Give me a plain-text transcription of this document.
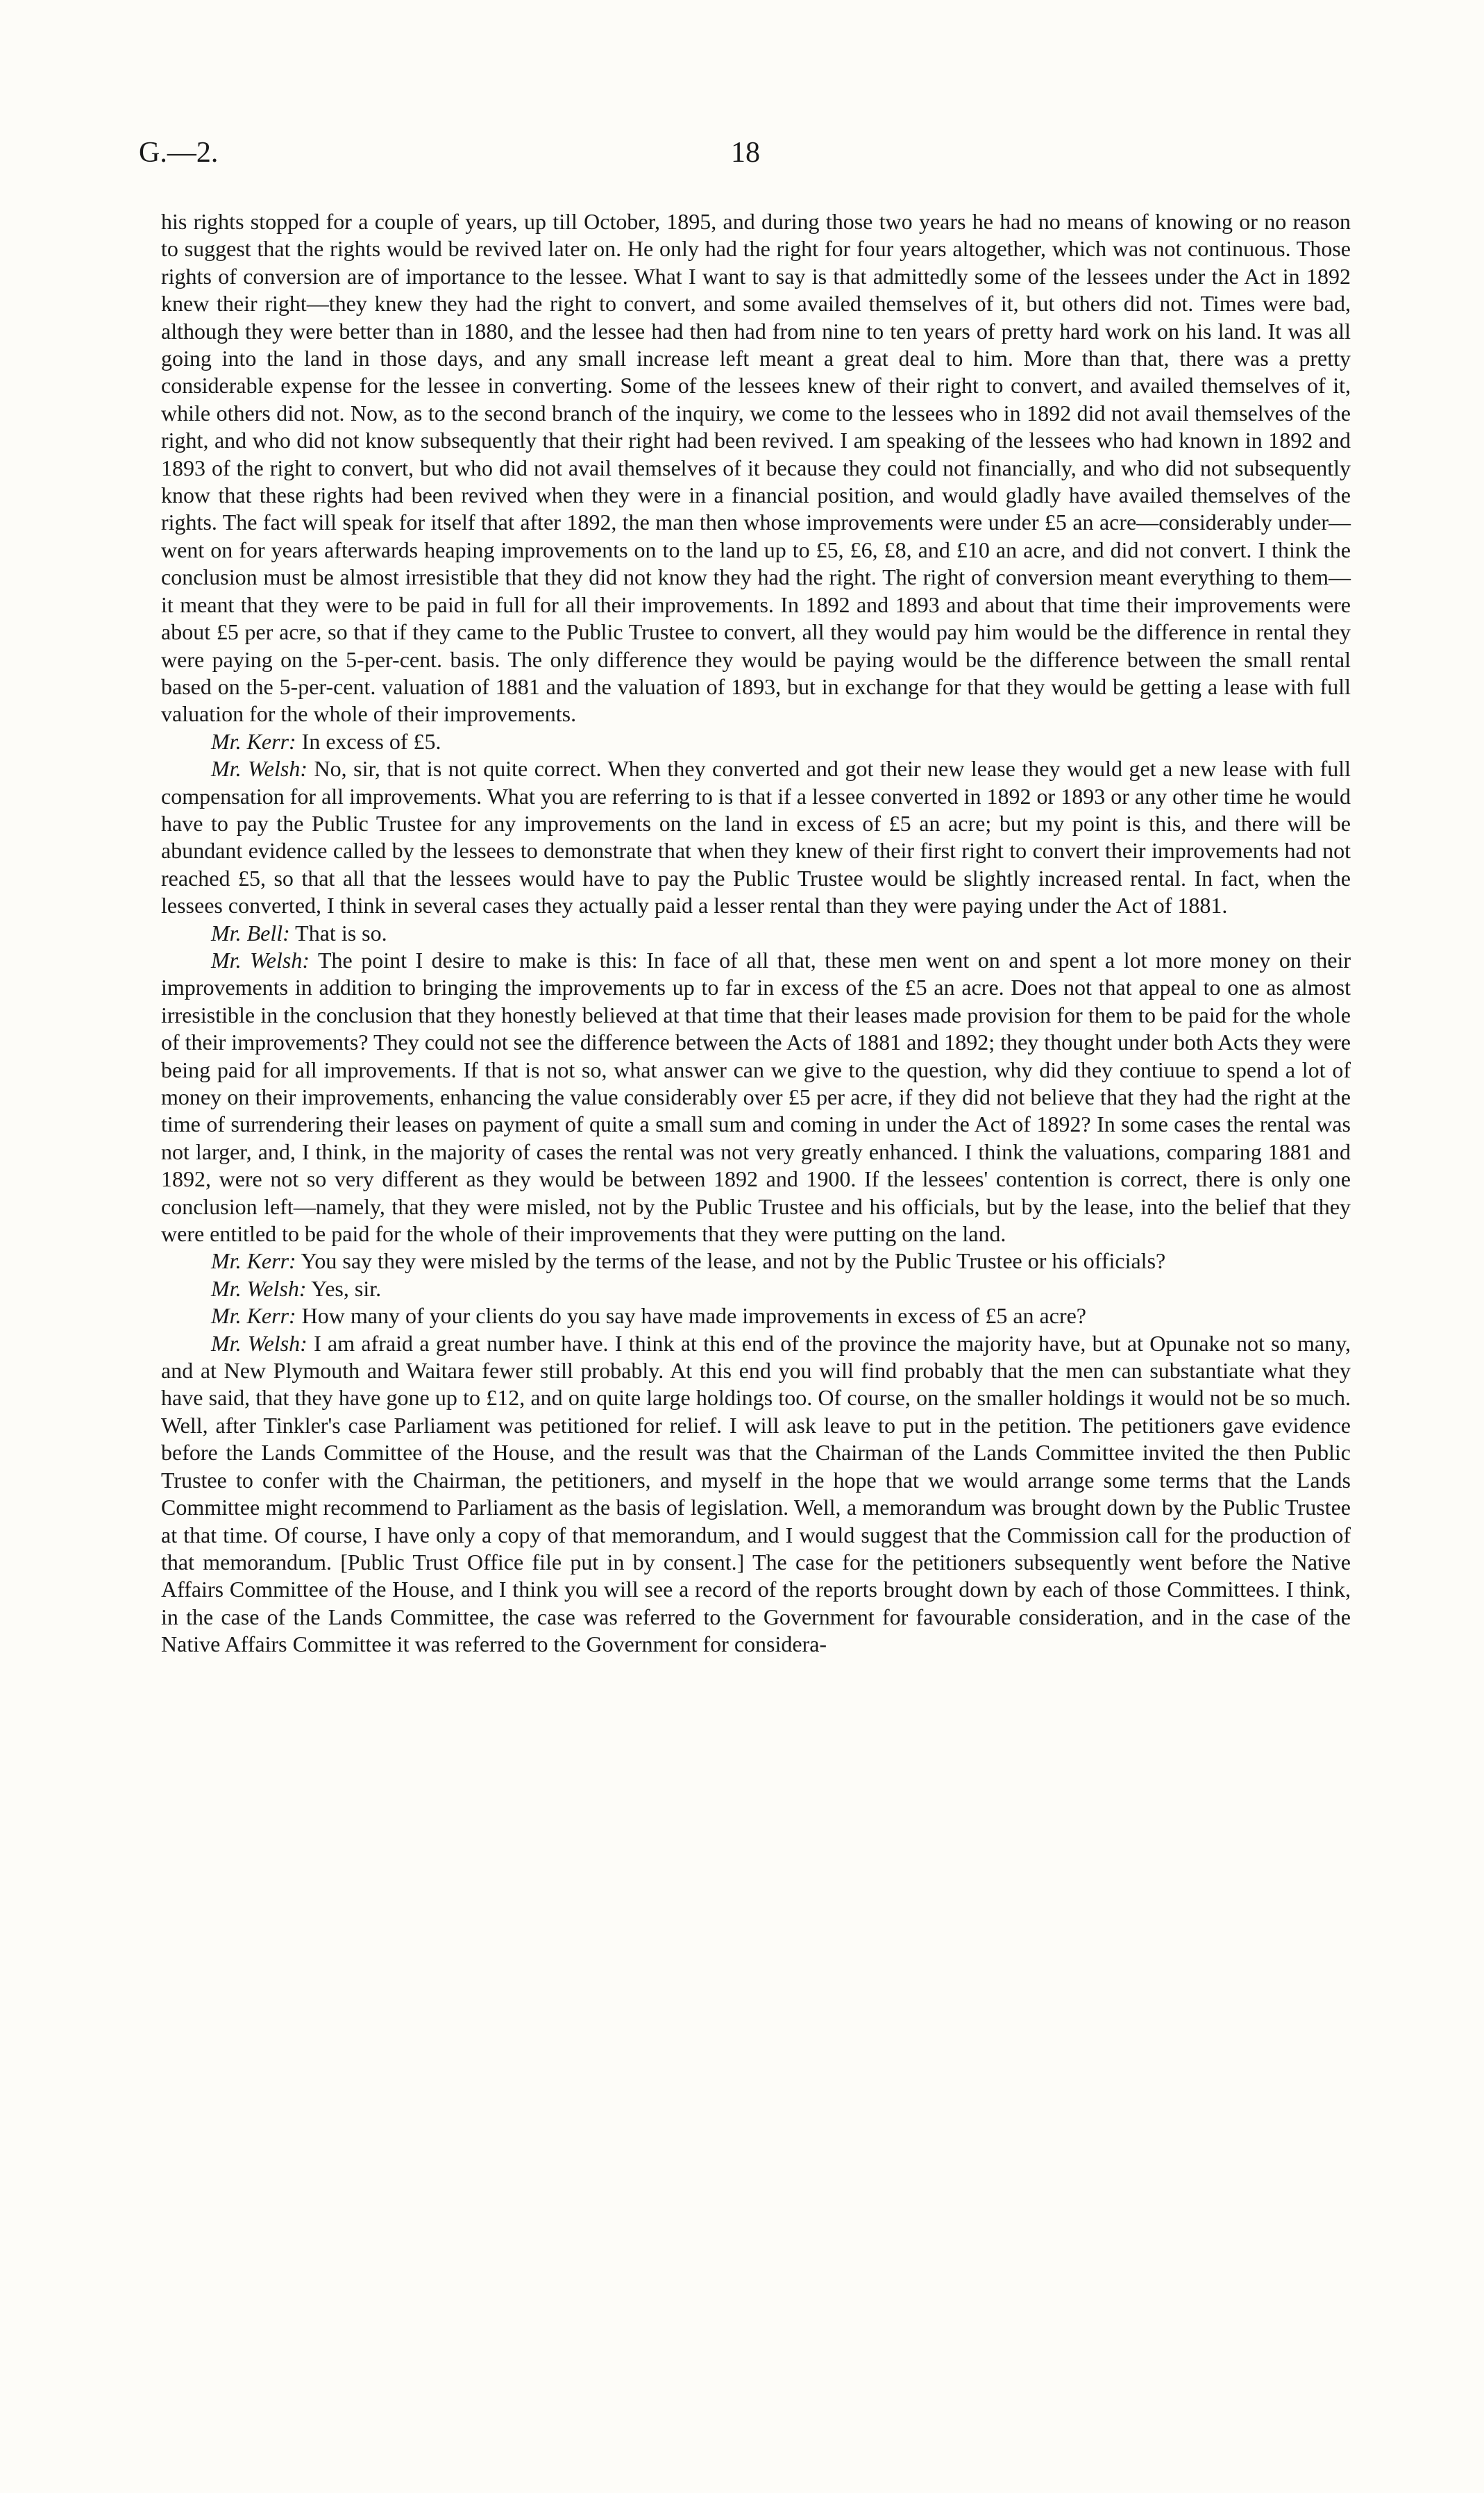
G.—2.	18

his rights stopped for a couple of years, up till October, 1895, and during those two years he had no means of knowing or no reason to suggest that the rights would be revived later on. He only had the right for four years altogether, which was not continuous. Those rights of conversion are of importance to the lessee. What I want to say is that admittedly some of the lessees under the Act in 1892 knew their right—they knew they had the right to convert, and some availed themselves of it, but others did not. Times were bad, although they were better than in 1880, and the lessee had then had from nine to ten years of pretty hard work on his land. It was all going into the land in those days, and any small increase left meant a great deal to him. More than that, there was a pretty considerable expense for the lessee in converting. Some of the lessees knew of their right to convert, and availed themselves of it, while others did not. Now, as to the second branch of the inquiry, we come to the lessees who in 1892 did not avail themselves of the right, and who did not know subsequently that their right had been revived. I am speaking of the lessees who had known in 1892 and 1893 of the right to convert, but who did not avail themselves of it because they could not financially, and who did not subsequently know that these rights had been revived when they were in a financial position, and would gladly have availed themselves of the rights. The fact will speak for itself that after 1892, the man then whose improvements were under £5 an acre—considerably under—went on for years afterwards heaping improvements on to the land up to £5, £6, £8, and £10 an acre, and did not convert. I think the conclusion must be almost irresistible that they did not know they had the right. The right of conversion meant everything to them—it meant that they were to be paid in full for all their improvements. In 1892 and 1893 and about that time their improvements were about £5 per acre, so that if they came to the Public Trustee to convert, all they would pay him would be the difference in rental they were paying on the 5-per-cent. basis. The only difference they would be paying would be the difference between the small rental based on the 5-per-cent. valuation of 1881 and the valuation of 1893, but in exchange for that they would be getting a lease with full valuation for the whole of their improvements.

Mr. Kerr: In excess of £5.

Mr. Welsh: No, sir, that is not quite correct. When they converted and got their new lease they would get a new lease with full compensation for all improvements. What you are referring to is that if a lessee converted in 1892 or 1893 or any other time he would have to pay the Public Trustee for any improvements on the land in excess of £5 an acre; but my point is this, and there will be abundant evidence called by the lessees to demonstrate that when they knew of their first right to convert their improvements had not reached £5, so that all that the lessees would have to pay the Public Trustee would be slightly increased rental. In fact, when the lessees converted, I think in several cases they actually paid a lesser rental than they were paying under the Act of 1881.

Mr. Bell: That is so.

Mr. Welsh: The point I desire to make is this: In face of all that, these men went on and spent a lot more money on their improvements in addition to bringing the improvements up to far in excess of the £5 an acre. Does not that appeal to one as almost irresistible in the conclusion that they honestly believed at that time that their leases made provision for them to be paid for the whole of their improvements? They could not see the difference between the Acts of 1881 and 1892; they thought under both Acts they were being paid for all improvements. If that is not so, what answer can we give to the question, why did they contiuue to spend a lot of money on their improvements, enhancing the value considerably over £5 per acre, if they did not believe that they had the right at the time of surrendering their leases on payment of quite a small sum and coming in under the Act of 1892? In some cases the rental was not larger, and, I think, in the majority of cases the rental was not very greatly enhanced. I think the valuations, comparing 1881 and 1892, were not so very different as they would be between 1892 and 1900. If the lessees' contention is correct, there is only one conclusion left—namely, that they were misled, not by the Public Trustee and his officials, but by the lease, into the belief that they were entitled to be paid for the whole of their improvements that they were putting on the land.

Mr. Kerr: You say they were misled by the terms of the lease, and not by the Public Trustee or his officials?

Mr. Welsh: Yes, sir.

Mr. Kerr: How many of your clients do you say have made improvements in excess of £5 an acre?

Mr. Welsh: I am afraid a great number have. I think at this end of the province the majority have, but at Opunake not so many, and at New Plymouth and Waitara fewer still probably. At this end you will find probably that the men can substantiate what they have said, that they have gone up to £12, and on quite large holdings too. Of course, on the smaller holdings it would not be so much. Well, after Tinkler's case Parliament was petitioned for relief. I will ask leave to put in the petition. The petitioners gave evidence before the Lands Committee of the House, and the result was that the Chairman of the Lands Committee invited the then Public Trustee to confer with the Chairman, the petitioners, and myself in the hope that we would arrange some terms that the Lands Committee might recommend to Parliament as the basis of legislation. Well, a memorandum was brought down by the Public Trustee at that time. Of course, I have only a copy of that memorandum, and I would suggest that the Commission call for the production of that memorandum. [Public Trust Office file put in by consent.] The case for the petitioners subsequently went before the Native Affairs Committee of the House, and I think you will see a record of the reports brought down by each of those Committees. I think, in the case of the Lands Committee, the case was referred to the Government for favourable consideration, and in the case of the Native Affairs Committee it was referred to the Government for considera-
